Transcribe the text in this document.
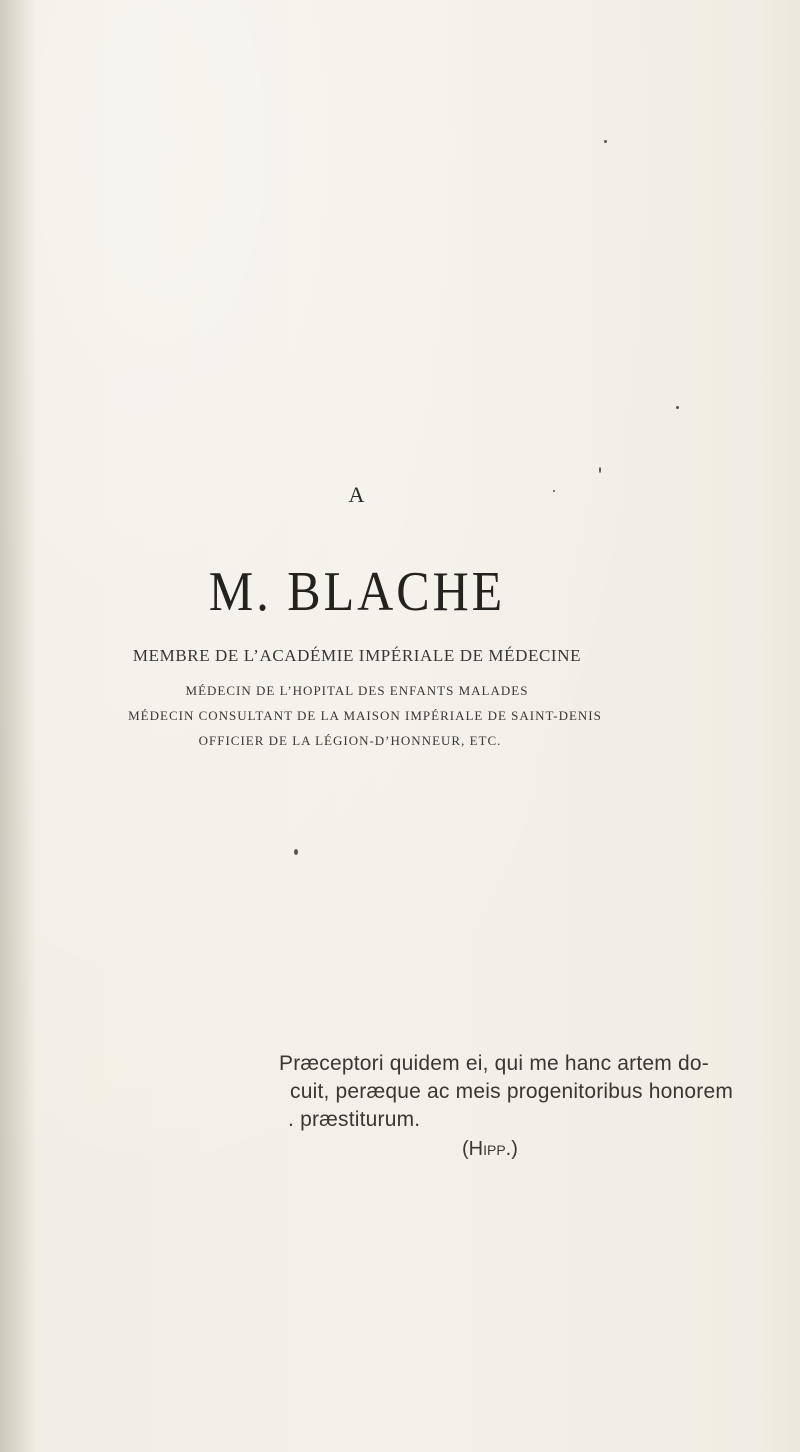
A
M. BLACHE
MEMBRE DE L’ACADÉMIE IMPÉRIALE DE MÉDECINE
MÉDECIN DE L’HOPITAL DES ENFANTS MALADES
MÉDECIN CONSULTANT DE LA MAISON IMPÉRIALE DE SAINT-DENIS
OFFICIER DE LA LÉGION-D’HONNEUR, ETC.
Præceptori quidem ei, qui me hanc artem do-
cuit, peræque ac meis progenitoribus honorem
. præstiturum.
(Hipp.)
